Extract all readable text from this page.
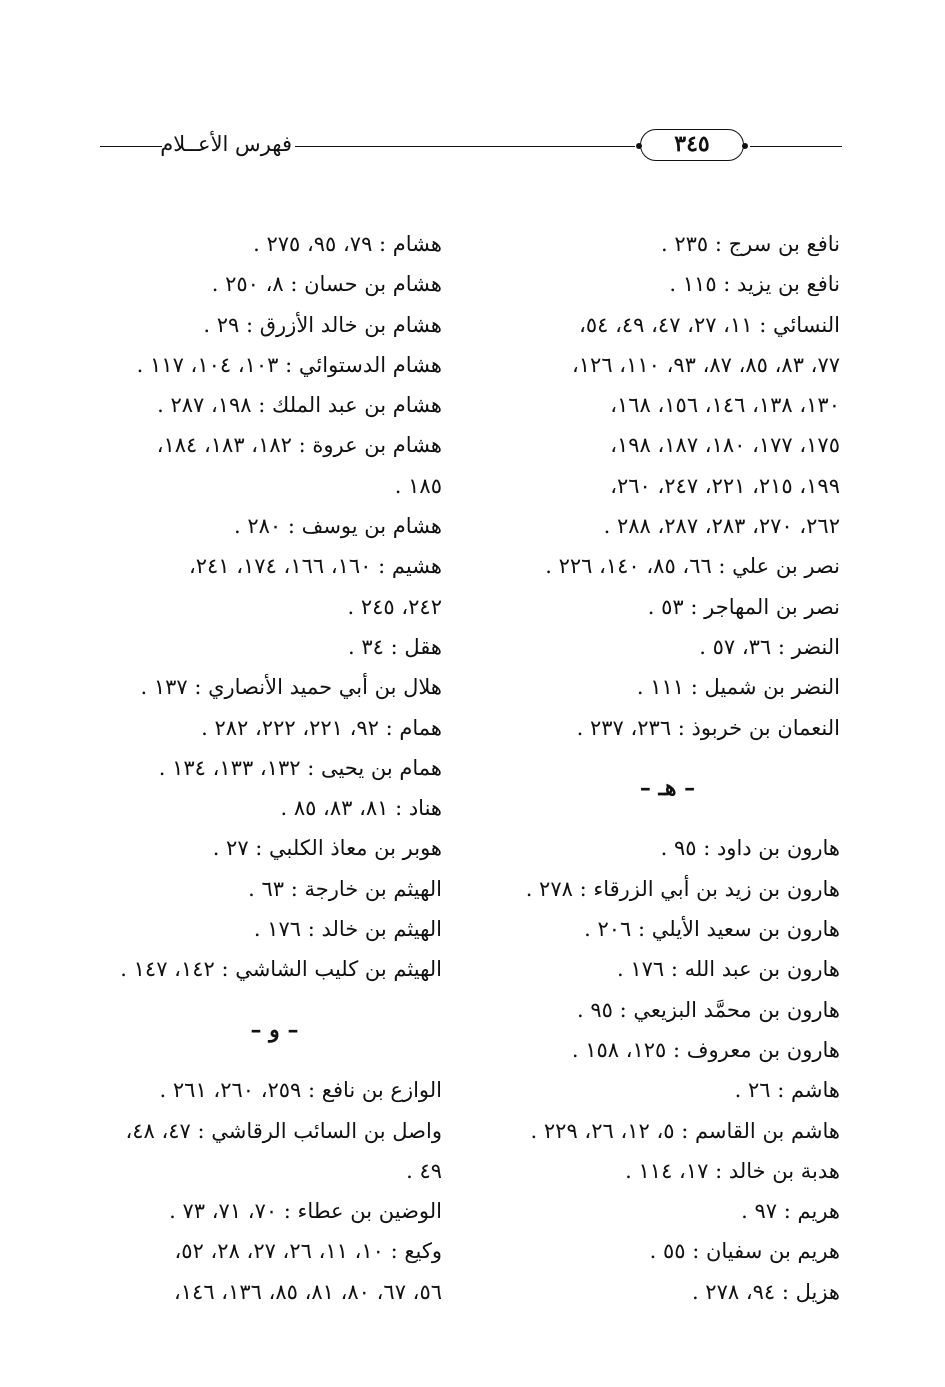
فهرس الأعــلام	٣٤٥
نافع بن سرج : ٢٣٥ .
نافع بن يزيد : ١١٥ .
النسائي : ١١، ٢٧، ٤٧، ٤٩، ٥٤،
٧٧، ٨٣، ٨٥، ٨٧، ٩٣، ١١٠، ١٢٦،
١٣٠، ١٣٨، ١٤٦، ١٥٦، ١٦٨،
١٧٥، ١٧٧، ١٨٠، ١٨٧، ١٩٨،
١٩٩، ٢١٥، ٢٢١، ٢٤٧، ٢٦٠،
٢٦٢، ٢٧٠، ٢٨٣، ٢٨٧، ٢٨٨ .
نصر بن علي : ٦٦، ٨٥، ١٤٠، ٢٢٦ .
نصر بن المهاجر : ٥٣ .
النضر : ٣٦، ٥٧ .
النضر بن شميل : ١١١ .
النعمان بن خربوذ : ٢٣٦، ٢٣٧ .
– هـ –
هارون بن داود : ٩٥ .
هارون بن زيد بن أبي الزرقاء : ٢٧٨ .
هارون بن سعيد الأيلي : ٢٠٦ .
هارون بن عبد الله : ١٧٦ .
هارون بن محمَّد البزيعي : ٩٥ .
هارون بن معروف : ١٢٥، ١٥٨ .
هاشم : ٢٦ .
هاشم بن القاسم : ٥، ١٢، ٢٦، ٢٢٩ .
هدبة بن خالد : ١٧، ١١٤ .
هريم : ٩٧ .
هريم بن سفيان : ٥٥ .
هزيل : ٩٤، ٢٧٨ .
هشام : ٧٩، ٩٥، ٢٧٥ .
هشام بن حسان : ٨، ٢٥٠ .
هشام بن خالد الأزرق : ٢٩ .
هشام الدستوائي : ١٠٣، ١٠٤، ١١٧ .
هشام بن عبد الملك : ١٩٨، ٢٨٧ .
هشام بن عروة : ١٨٢، ١٨٣، ١٨٤،
١٨٥ .
هشام بن يوسف : ٢٨٠ .
هشيم : ١٦٠، ١٦٦، ١٧٤، ٢٤١،
٢٤٢، ٢٤٥ .
هقل : ٣٤ .
هلال بن أبي حميد الأنصاري : ١٣٧ .
همام : ٩٢، ٢٢١، ٢٢٢، ٢٨٢ .
همام بن يحيى : ١٣٢، ١٣٣، ١٣٤ .
هناد : ٨١، ٨٣، ٨٥ .
هوبر بن معاذ الكلبي : ٢٧ .
الهيثم بن خارجة : ٦٣ .
الهيثم بن خالد : ١٧٦ .
الهيثم بن كليب الشاشي : ١٤٢، ١٤٧ .
– و –
الوازع بن نافع : ٢٥٩، ٢٦٠، ٢٦١ .
واصل بن السائب الرقاشي : ٤٧، ٤٨،
٤٩ .
الوضين بن عطاء : ٧٠، ٧١، ٧٣ .
وكيع : ١٠، ١١، ٢٦، ٢٧، ٢٨، ٥٢،
٥٦، ٦٧، ٨٠، ٨١، ٨٥، ١٣٦، ١٤٦،
